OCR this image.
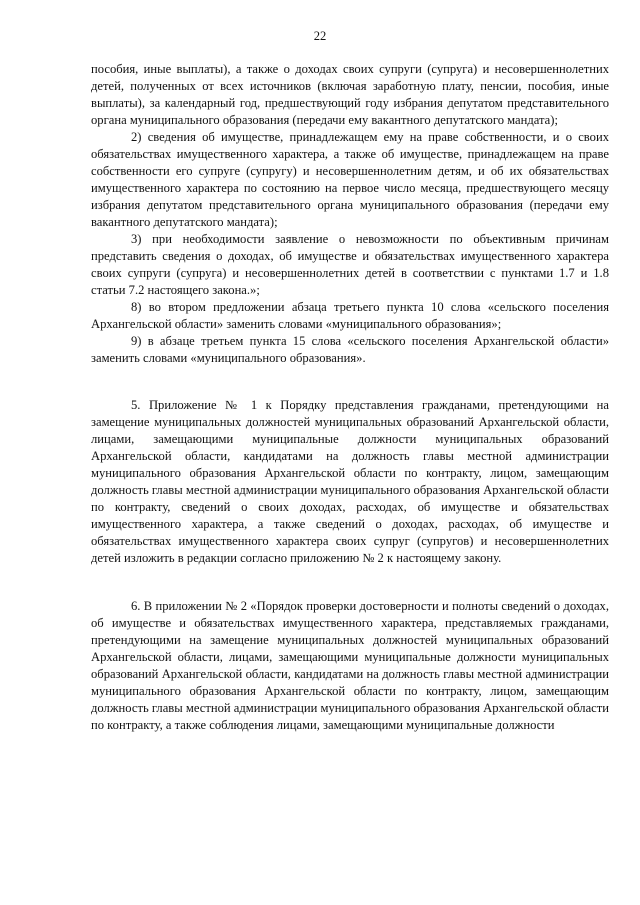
22

пособия, иные выплаты), а также о доходах своих супруги (супруга) и несовершеннолетних детей, полученных от всех источников (включая заработную плату, пенсии, пособия, иные выплаты), за календарный год, предшествующий году избрания депутатом представительного органа муниципального образования (передачи ему вакантного депутатского мандата);

2) сведения об имуществе, принадлежащем ему на праве собственности, и о своих обязательствах имущественного характера, а также об имуществе, принадлежащем на праве собственности его супруге (супругу) и несовершеннолетним детям, и об их обязательствах имущественного характера по состоянию на первое число месяца, предшествующего месяцу избрания депутатом представительного органа муниципального образования (передачи ему вакантного депутатского мандата);

3) при необходимости заявление о невозможности по объективным причинам представить сведения о доходах, об имуществе и обязательствах имущественного характера своих супруги (супруга) и несовершеннолетних детей в соответствии с пунктами 1.7 и 1.8 статьи 7.2 настоящего закона.»;

8) во втором предложении абзаца третьего пункта 10 слова «сельского поселения Архангельской области» заменить словами «муниципального образования»;

9) в абзаце третьем пункта 15 слова «сельского поселения Архангельской области» заменить словами «муниципального образования».

5. Приложение № 1 к Порядку представления гражданами, претендующими на замещение муниципальных должностей муниципальных образований Архангельской области, лицами, замещающими муниципальные должности муниципальных образований Архангельской области, кандидатами на должность главы местной администрации муниципального образования Архангельской области по контракту, лицом, замещающим должность главы местной администрации муниципального образования Архангельской области по контракту, сведений о своих доходах, расходах, об имуществе и обязательствах имущественного характера, а также сведений о доходах, расходах, об имуществе и обязательствах имущественного характера своих супруг (супругов) и несовершеннолетних детей изложить в редакции согласно приложению № 2 к настоящему закону.

6. В приложении № 2 «Порядок проверки достоверности и полноты сведений о доходах, об имуществе и обязательствах имущественного характера, представляемых гражданами, претендующими на замещение муниципальных должностей муниципальных образований Архангельской области, лицами, замещающими муниципальные должности муниципальных образований Архангельской области, кандидатами на должность главы местной администрации муниципального образования Архангельской области по контракту, лицом, замещающим должность главы местной администрации муниципального образования Архангельской области по контракту, а также соблюдения лицами, замещающими муниципальные должности
